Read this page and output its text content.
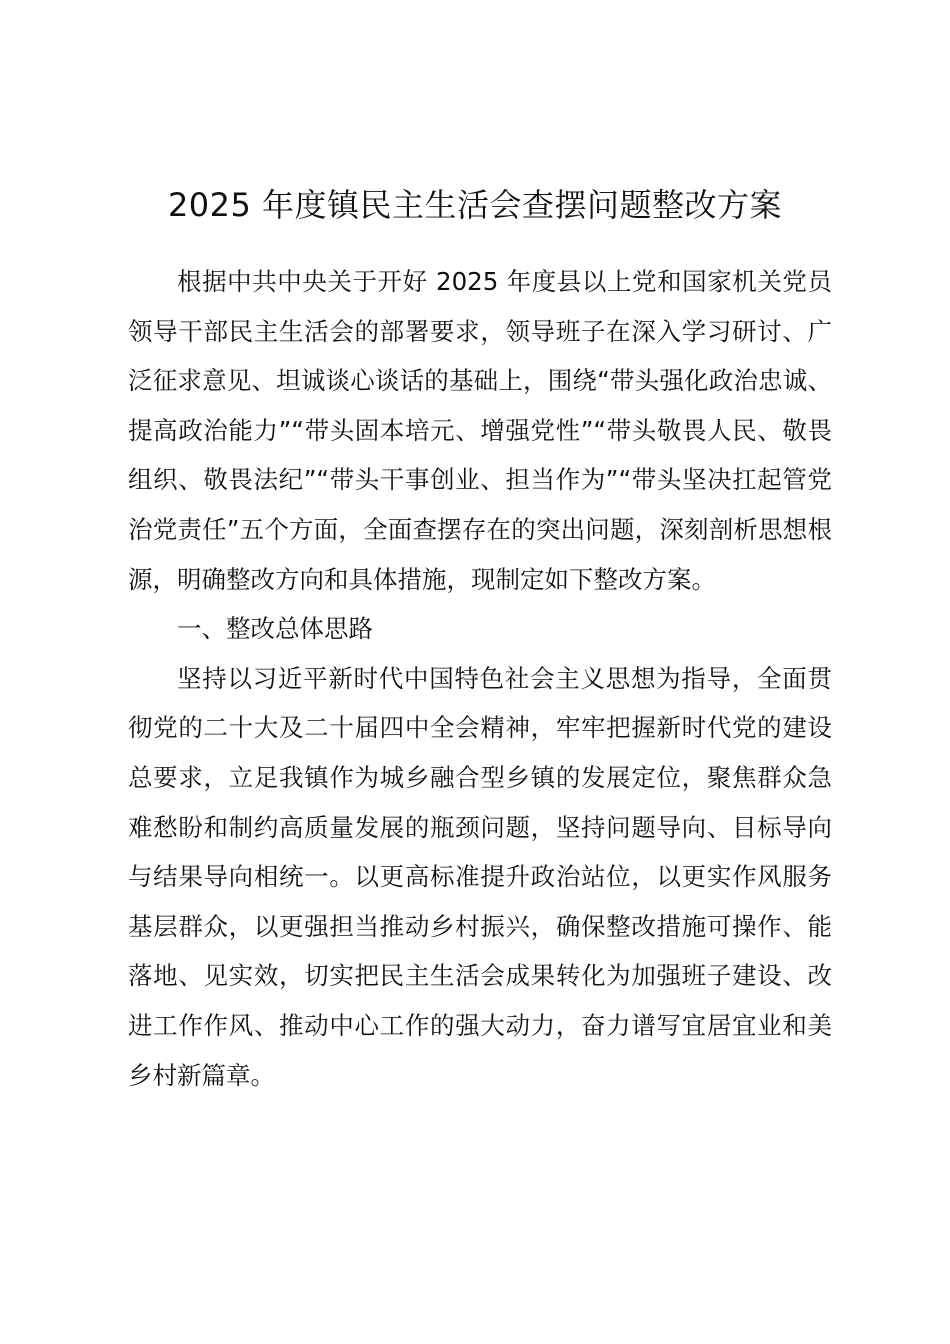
2025 年度镇民主生活会查摆问题整改方案

根据中共中央关于开好 2025 年度县以上党和国家机关党员领导干部民主生活会的部署要求，领导班子在深入学习研讨、广泛征求意见、坦诚谈心谈话的基础上，围绕“带头强化政治忠诚、提高政治能力”“带头固本培元、增强党性”“带头敬畏人民、敬畏组织、敬畏法纪”“带头干事创业、担当作为”“带头坚决扛起管党治党责任”五个方面，全面查摆存在的突出问题，深刻剖析思想根源，明确整改方向和具体措施，现制定如下整改方案。

一、整改总体思路

坚持以习近平新时代中国特色社会主义思想为指导，全面贯彻党的二十大及二十届四中全会精神，牢牢把握新时代党的建设总要求，立足我镇作为城乡融合型乡镇的发展定位，聚焦群众急难愁盼和制约高质量发展的瓶颈问题，坚持问题导向、目标导向与结果导向相统一。以更高标准提升政治站位，以更实作风服务基层群众，以更强担当推动乡村振兴，确保整改措施可操作、能落地、见实效，切实把民主生活会成果转化为加强班子建设、改进工作作风、推动中心工作的强大动力，奋力谱写宜居宜业和美乡村新篇章。
